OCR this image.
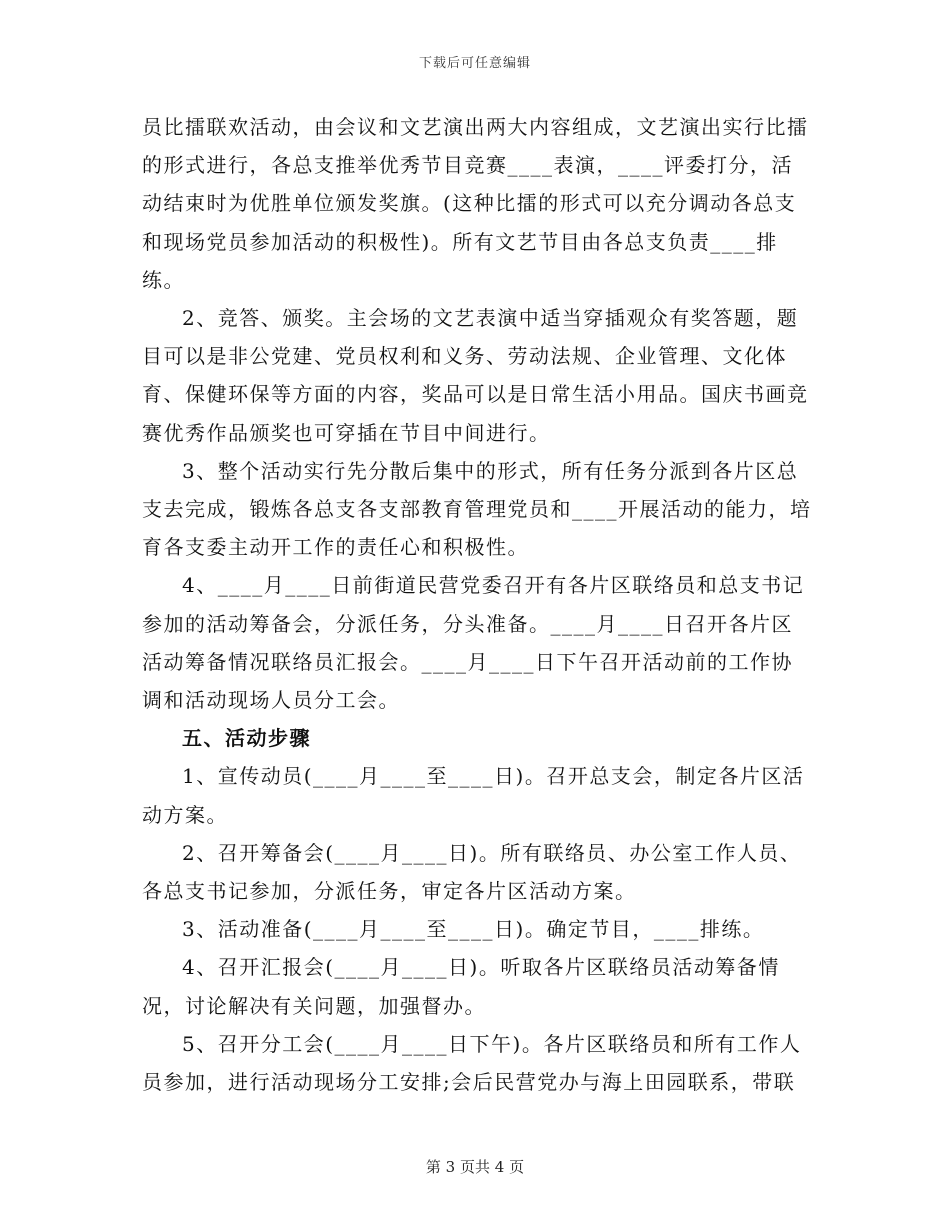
下载后可任意编辑

员比擂联欢活动，由会议和文艺演出两大内容组成，文艺演出实行比擂的形式进行，各总支推举优秀节目竞赛____表演，____评委打分，活动结束时为优胜单位颁发奖旗。(这种比擂的形式可以充分调动各总支和现场党员参加活动的积极性)。所有文艺节目由各总支负责____排练。

2、竞答、颁奖。主会场的文艺表演中适当穿插观众有奖答题，题目可以是非公党建、党员权利和义务、劳动法规、企业管理、文化体育、保健环保等方面的内容，奖品可以是日常生活小用品。国庆书画竞赛优秀作品颁奖也可穿插在节目中间进行。

3、整个活动实行先分散后集中的形式，所有任务分派到各片区总支去完成，锻炼各总支各支部教育管理党员和____开展活动的能力，培育各支委主动开工作的责任心和积极性。

4、____月____日前街道民营党委召开有各片区联络员和总支书记参加的活动筹备会，分派任务，分头准备。____月____日召开各片区活动筹备情况联络员汇报会。____月____日下午召开活动前的工作协调和活动现场人员分工会。

五、活动步骤

1、宣传动员(____月____至____日)。召开总支会，制定各片区活动方案。

2、召开筹备会(____月____日)。所有联络员、办公室工作人员、各总支书记参加，分派任务，审定各片区活动方案。

3、活动准备(____月____至____日)。确定节目，____排练。

4、召开汇报会(____月____日)。听取各片区联络员活动筹备情况，讨论解决有关问题，加强督办。

5、召开分工会(____月____日下午)。各片区联络员和所有工作人员参加，进行活动现场分工安排;会后民营党办与海上田园联系，带联

第 3 页共 4 页
